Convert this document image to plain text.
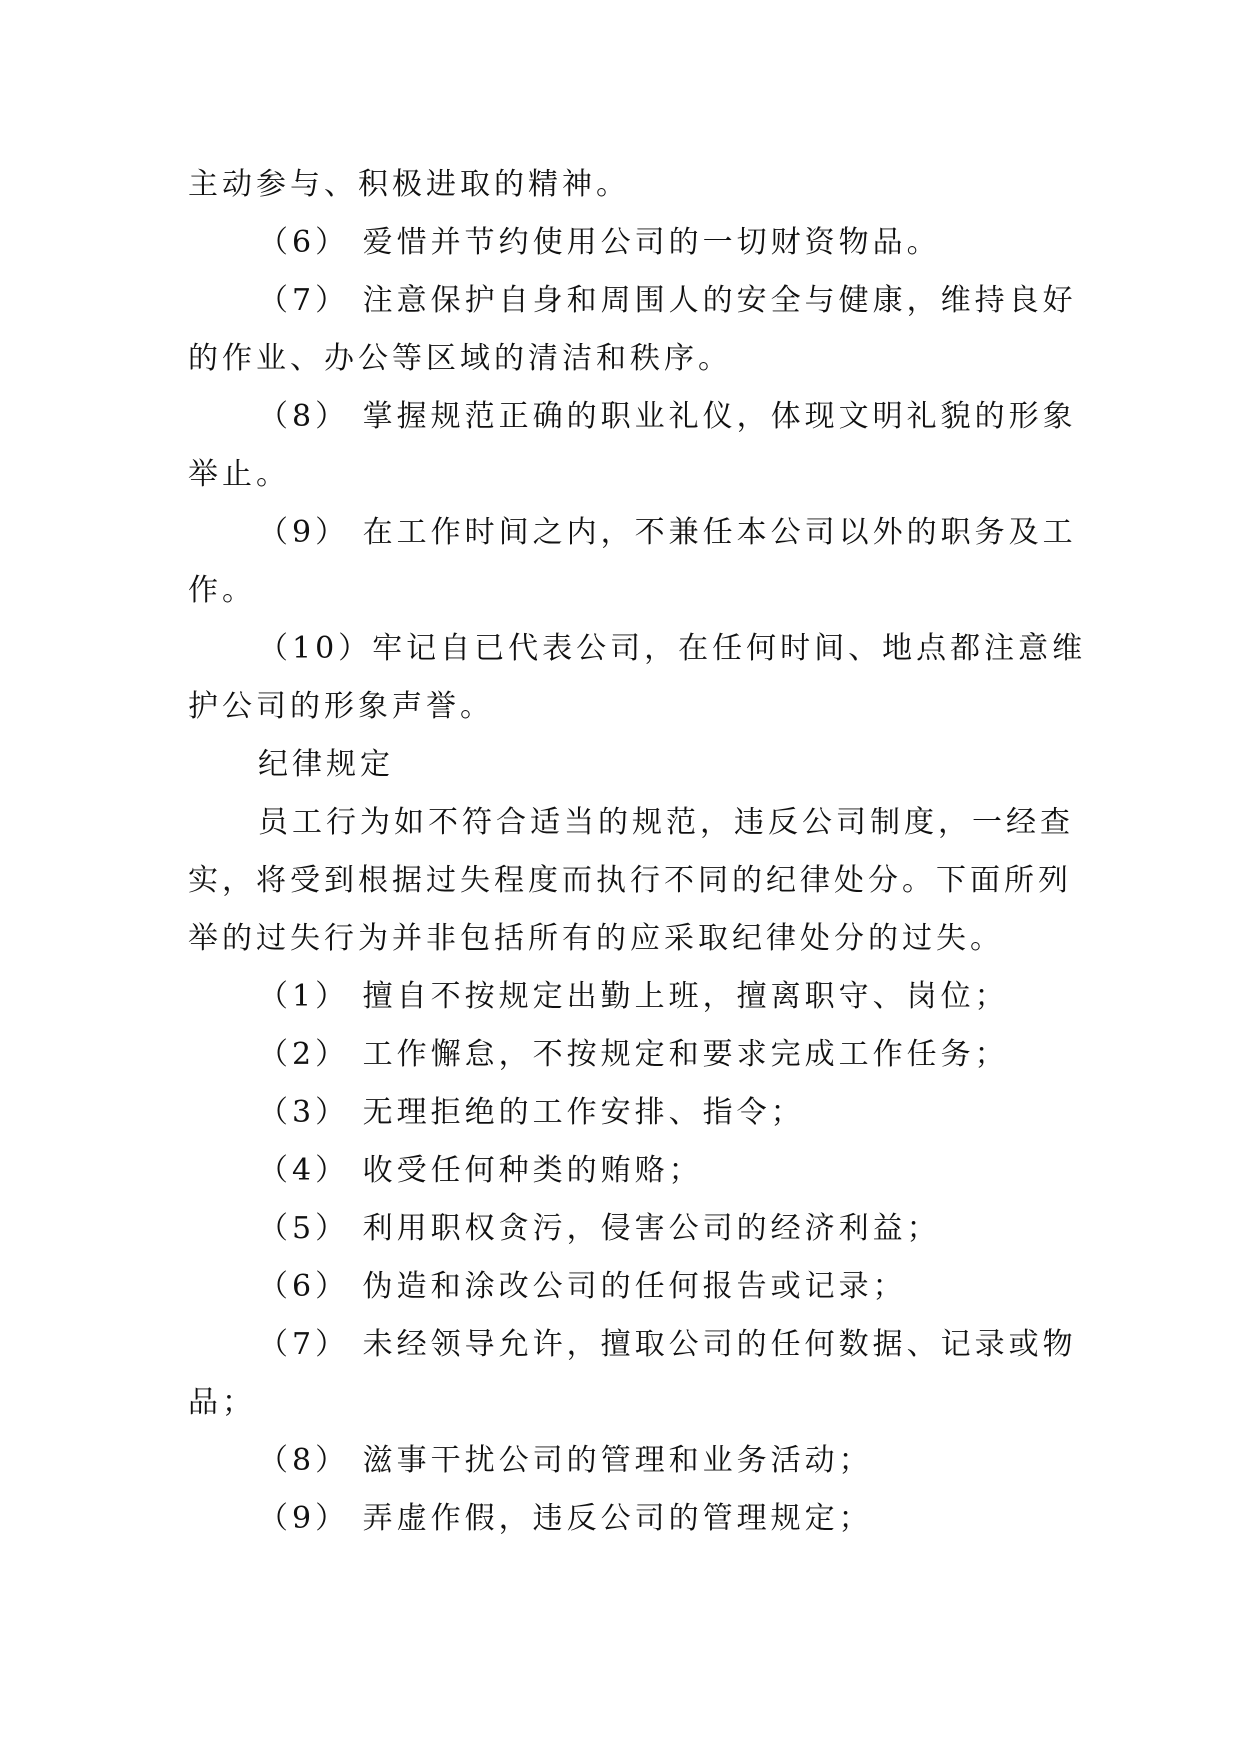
主动参与、积极进取的精神。

（6） 爱惜并节约使用公司的一切财资物品。

（7） 注意保护自身和周围人的安全与健康，维持良好

的作业、办公等区域的清洁和秩序。

（8） 掌握规范正确的职业礼仪，体现文明礼貌的形象

举止。

（9） 在工作时间之内，不兼任本公司以外的职务及工

作。

（10）牢记自已代表公司，在任何时间、地点都注意维

护公司的形象声誉。

纪律规定

员工行为如不符合适当的规范，违反公司制度，一经查

实，将受到根据过失程度而执行不同的纪律处分。下面所列

举的过失行为并非包括所有的应采取纪律处分的过失。

（1） 擅自不按规定出勤上班，擅离职守、岗位；

（2） 工作懈怠，不按规定和要求完成工作任务；

（3） 无理拒绝的工作安排、指令；

（4） 收受任何种类的贿赂；

（5） 利用职权贪污，侵害公司的经济利益；

（6） 伪造和涂改公司的任何报告或记录；

（7） 未经领导允许，擅取公司的任何数据、记录或物

品；

（8） 滋事干扰公司的管理和业务活动；

（9） 弄虚作假，违反公司的管理规定；
